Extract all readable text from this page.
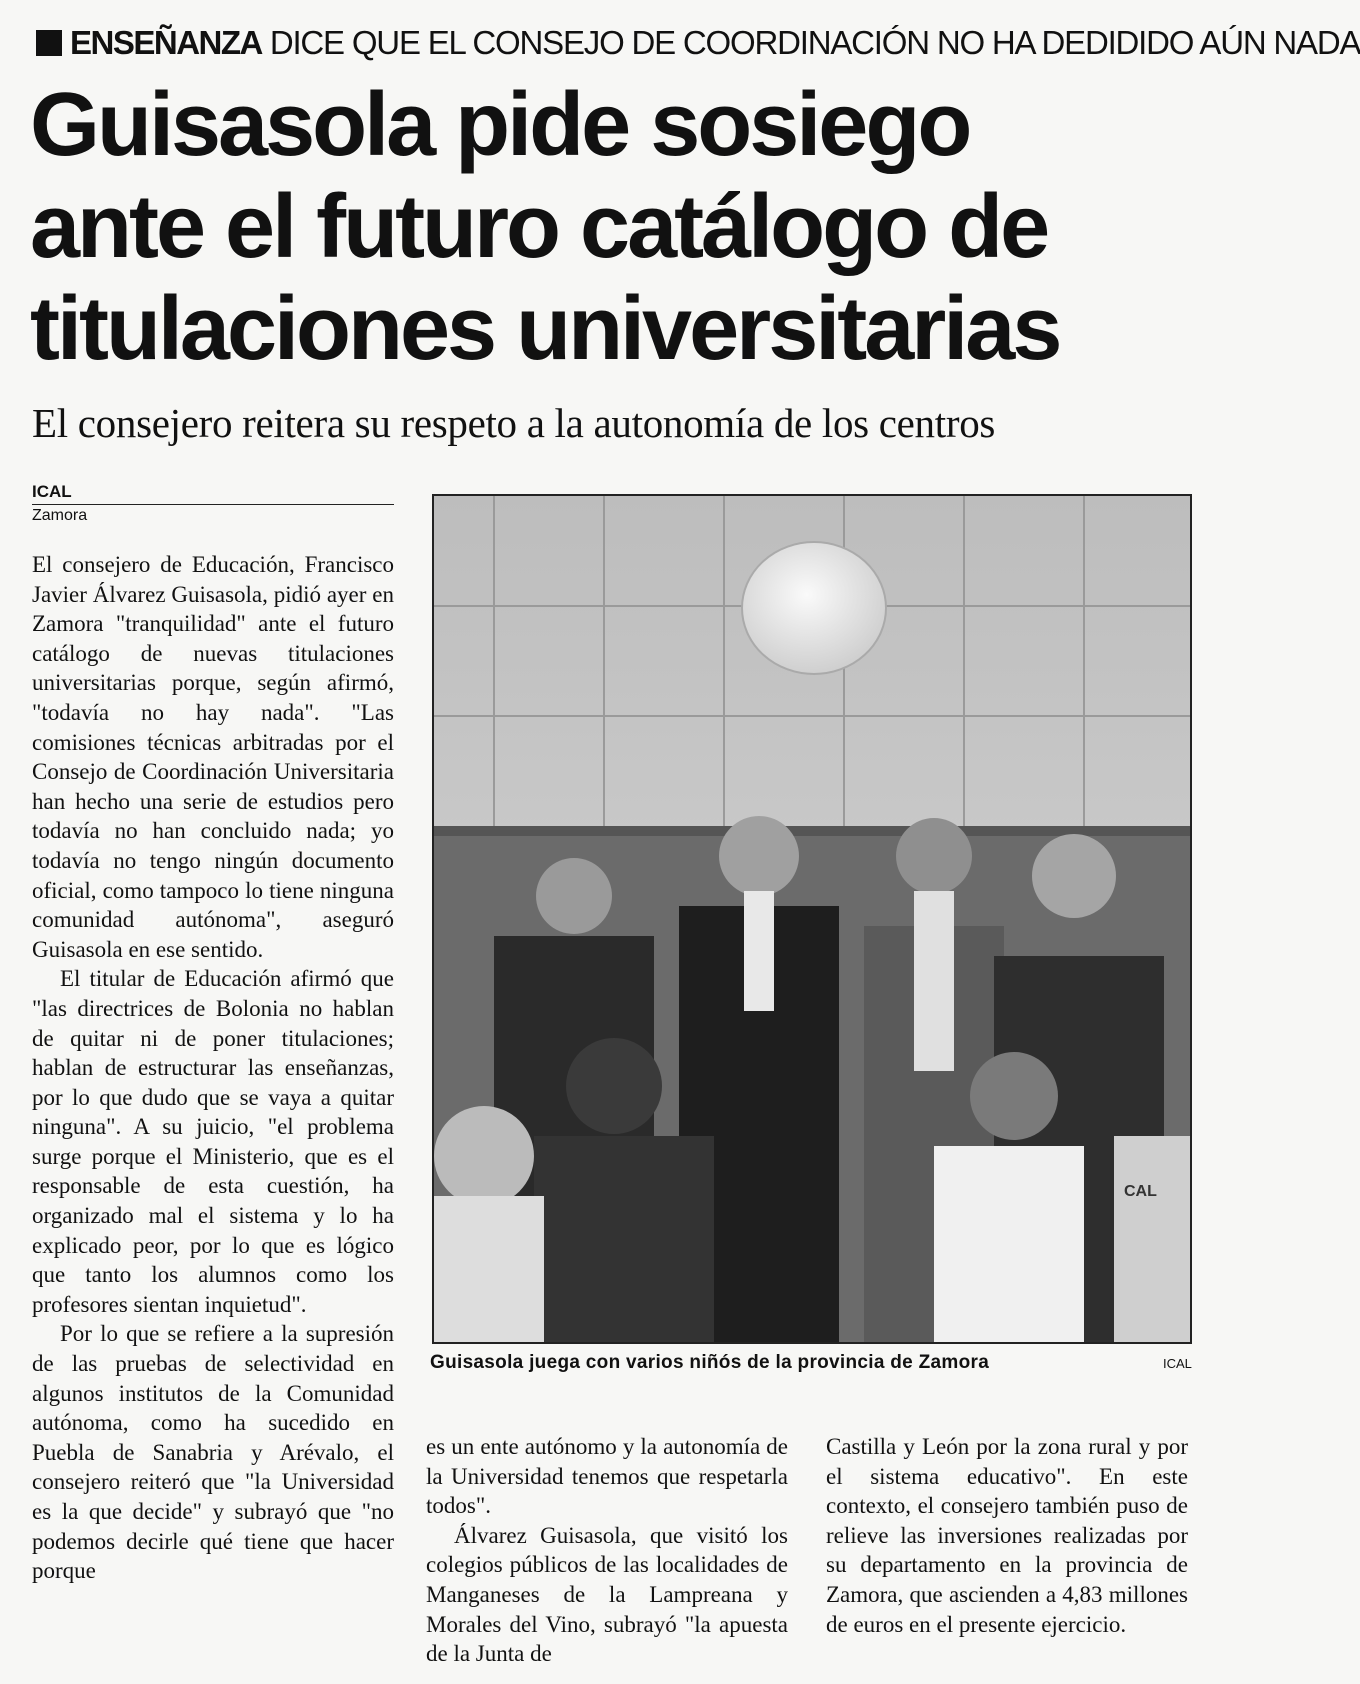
ENSEÑANZA DICE QUE EL CONSEJO DE COORDINACIÓN NO HA DEDIDIDO AÚN NADA
Guisasola pide sosiego
ante el futuro catálogo de
titulaciones universitarias
El consejero reitera su respeto a la autonomía de los centros
ICAL
Zamora

El consejero de Educación, Francisco Javier Álvarez Guisasola, pidió ayer en Zamora "tranquilidad" ante el futuro catálogo de nuevas titulaciones universitarias porque, según afirmó, "todavía no hay nada". "Las comisiones técnicas arbitradas por el Consejo de Coordinación Universitaria han hecho una serie de estudios pero todavía no han concluido nada; yo todavía no tengo ningún documento oficial, como tampoco lo tiene ninguna comunidad autónoma", aseguró Guisasola en ese sentido.

El titular de Educación afirmó que "las directrices de Bolonia no hablan de quitar ni de poner titulaciones; hablan de estructurar las enseñanzas, por lo que dudo que se vaya a quitar ninguna". A su juicio, "el problema surge porque el Ministerio, que es el responsable de esta cuestión, ha organizado mal el sistema y lo ha explicado peor, por lo que es lógico que tanto los alumnos como los profesores sientan inquietud".

Por lo que se refiere a la supresión de las pruebas de selectividad en algunos institutos de la Comunidad autónoma, como ha sucedido en Puebla de Sanabria y Arévalo, el consejero reiteró que "la Universidad es la que decide" y subrayó que "no podemos decirle qué tiene que hacer porque

CAL
Guisasola juega con varios niñós de la provincia de Zamora	ICAL

es un ente autónomo y la autonomía de la Universidad tenemos que respetarla todos".

Álvarez Guisasola, que visitó los colegios públicos de las localidades de Manganeses de la Lampreana y Morales del Vino, subrayó "la apuesta de la Junta de

Castilla y León por la zona rural y por el sistema educativo". En este contexto, el consejero también puso de relieve las inversiones realizadas por su departamento en la provincia de Zamora, que ascienden a 4,83 millones de euros en el presente ejercicio.
